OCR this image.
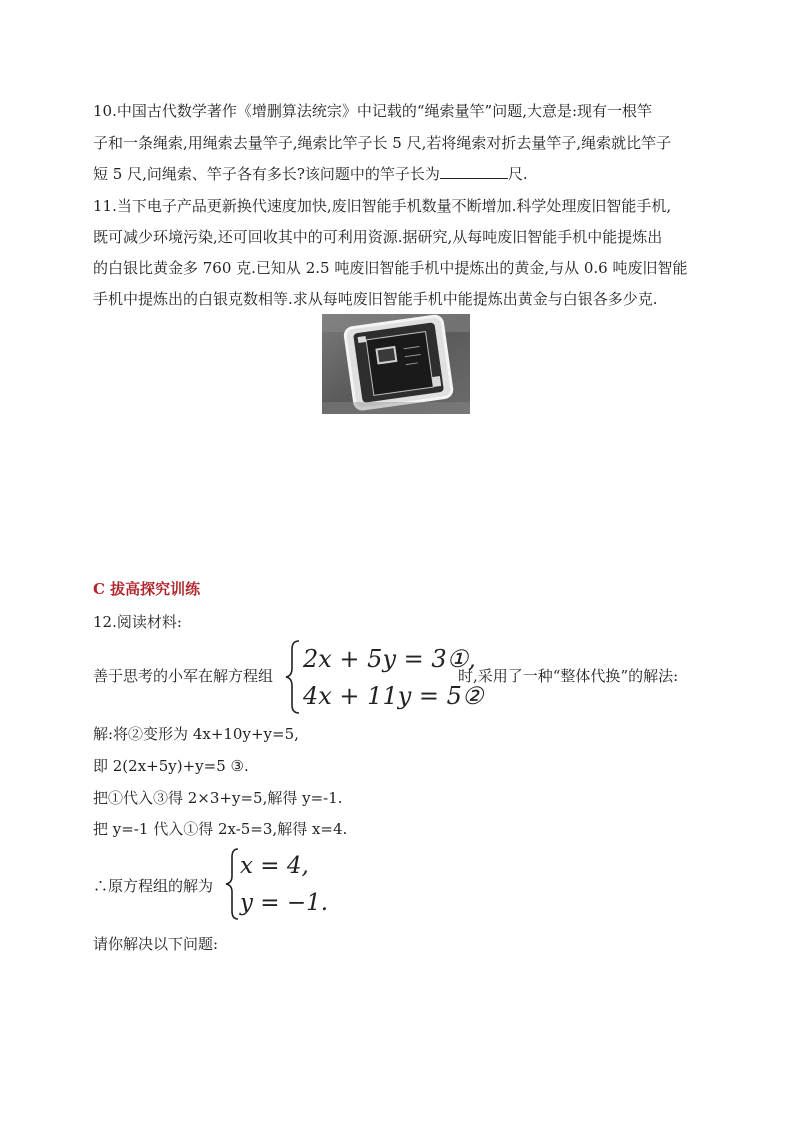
10.中国古代数学著作《增删算法统宗》中记载的“绳索量竿”问题,大意是:现有一根竿
子和一条绳索,用绳索去量竿子,绳索比竿子长 5 尺,若将绳索对折去量竿子,绳索就比竿子
短 5 尺,问绳索、竿子各有多长?该问题中的竿子长为	尺.
11.当下电子产品更新换代速度加快,废旧智能手机数量不断增加.科学处理废旧智能手机,
既可减少环境污染,还可回收其中的可利用资源.据研究,从每吨废旧智能手机中能提炼出
的白银比黄金多 760 克.已知从 2.5 吨废旧智能手机中提炼出的黄金,与从 0.6 吨废旧智能
手机中提炼出的白银克数相等.求从每吨废旧智能手机中能提炼出黄金与白银各多少克.
C 拔高探究训练
12.阅读材料:
善于思考的小军在解方程组
2x + 5y = 3①,
4x + 11y = 5②
时,采用了一种“整体代换”的解法:
解:将②变形为 4x+10y+y=5,
即 2(2x+5y)+y=5 ③.
把①代入③得 2×3+y=5,解得 y=-1.
把 y=-1 代入①得 2x-5=3,解得 x=4.
∴原方程组的解为
x = 4,
y = −1.
请你解决以下问题:
